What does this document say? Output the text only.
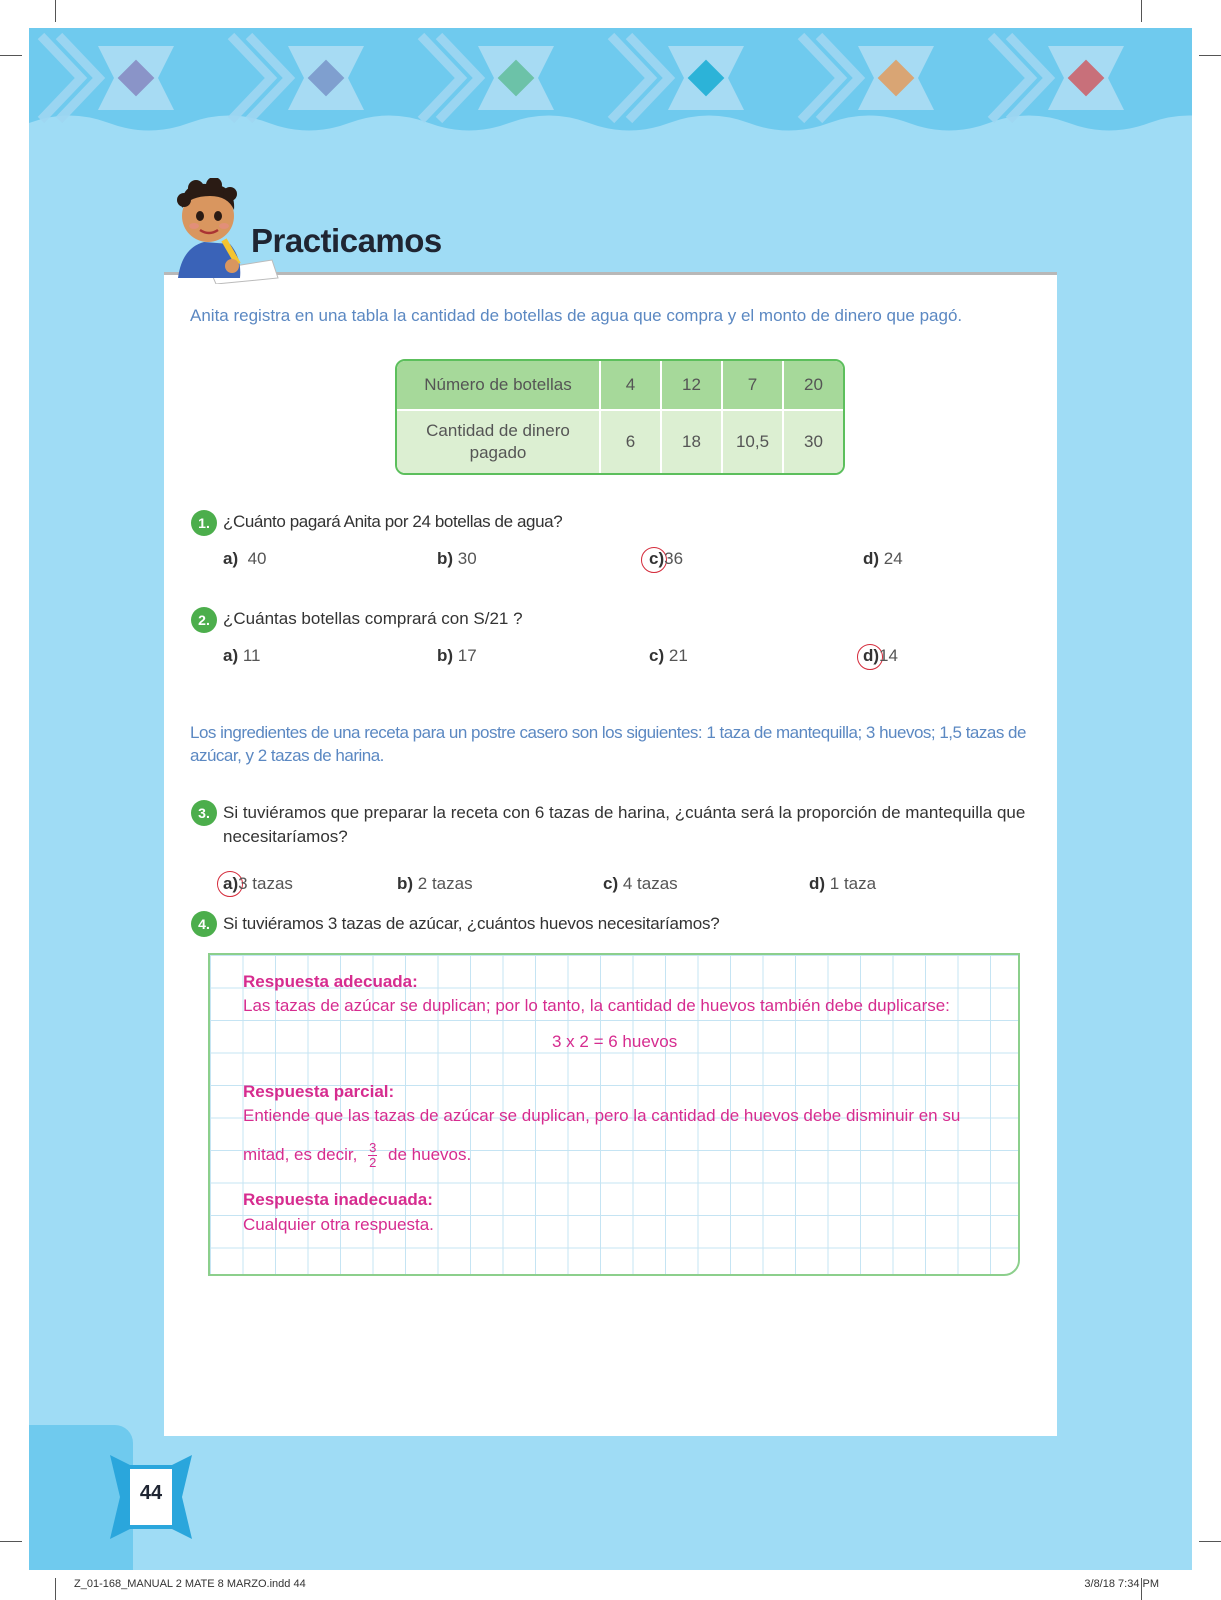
Practicamos
Anita registra en una tabla la cantidad de botellas de agua que compra y el monto de dinero que pagó.
Número de botellas	4	12	7	20
Cantidad de dinero pagado	6	18	10,5	30
1. ¿Cuánto pagará Anita por 24 botellas de agua?
a) 40	b) 30	c)36	d) 24
2. ¿Cuántas botellas comprará con S/21 ?
a) 11	b) 17	c) 21	d)14
Los ingredientes de una receta para un postre casero son los siguientes: 1 taza de mantequilla; 3 huevos; 1,5 tazas de azúcar, y 2 tazas de harina.
3. Si tuviéramos que preparar la receta con 6 tazas de harina, ¿cuánta será la proporción de mantequilla que necesitaríamos?
a)3 tazas	b) 2 tazas	c) 4 tazas	d) 1 taza
4. Si tuviéramos 3 tazas de azúcar, ¿cuántos huevos necesitaríamos?
Respuesta adecuada:
Las tazas de azúcar se duplican; por lo tanto, la cantidad de huevos también debe duplicarse:
3 x 2 = 6 huevos
Respuesta parcial:
Entiende que las tazas de azúcar se duplican, pero la cantidad de huevos debe disminuir en su
mitad, es decir, $\frac{3}{2}$ de huevos.
Respuesta inadecuada:
Cualquier otra respuesta.
44
Z_01-168_MANUAL 2 MATE 8 MARZO.indd 44	3/8/18 7:34 PM
